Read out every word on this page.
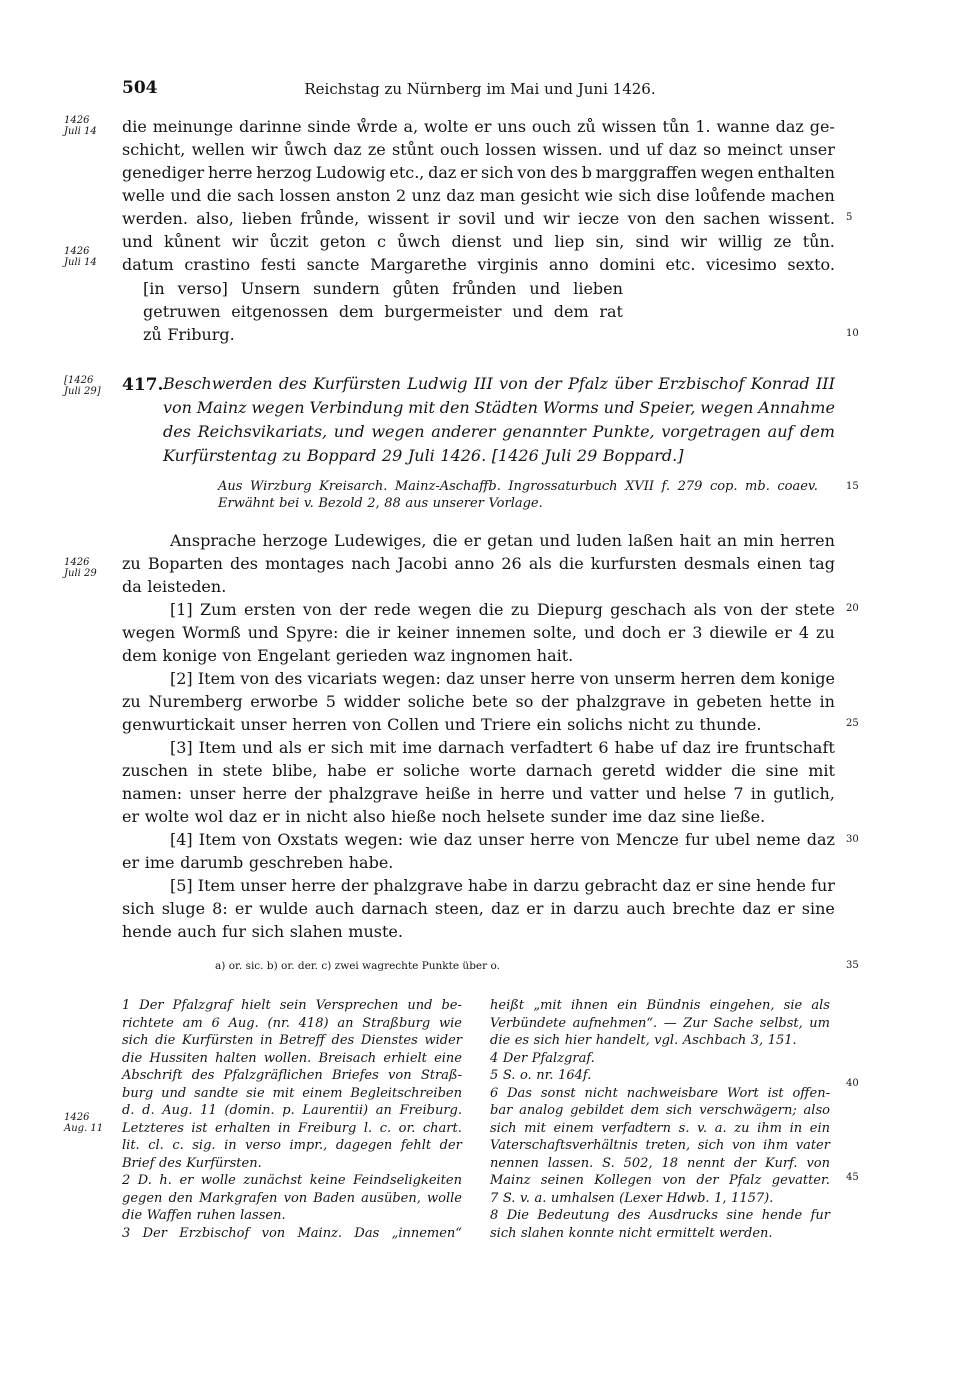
504	Reichstag zu Nürnberg im Mai und Juni 1426.
die meinunge darinne sinde ẘrde a, wolte er uns ouch zů wissen tůn 1. wanne daz ge-
schicht, wellen wir ůwch daz ze stůnt ouch lossen wissen. und uf daz so meinct unser
genediger herre herzog Ludowig etc., daz er sich von des b marggraffen wegen enthalten
welle und die sach lossen anston 2 unz daz man gesicht wie sich dise loůfende machen
werden. also, lieben frůnde, wissent ir sovil und wir iecze von den sachen wissent.
und kůnent wir ůczit geton c ůwch dienst und liep sin, sind wir willig ze tůn.
datum crastino festi sancte Margarethe virginis anno domini etc. vicesimo sexto.
[in verso] Unsern sundern gůten frůnden und lieben
getruwen eitgenossen dem burgermeister und dem rat
zů Friburg.
417. Beschwerden des Kurfürsten Ludwig III von der Pfalz über Erzbischof Konrad III
von Mainz wegen Verbindung mit den Städten Worms und Speier, wegen Annahme
des Reichsvikariats, und wegen anderer genannter Punkte, vorgetragen auf dem
Kurfürstentag zu Boppard 29 Juli 1426. [1426 Juli 29 Boppard.]
Aus Wirzburg Kreisarch. Mainz-Aschaffb. Ingrossaturbuch XVII f. 279 cop. mb. coaev.
Erwähnt bei v. Bezold 2, 88 aus unserer Vorlage.
Ansprache herzoge Ludewiges, die er getan und luden laßen hait an min herren
zu Boparten des montages nach Jacobi anno 26 als die kurfursten desmals einen tag
da leisteden.
[1] Zum ersten von der rede wegen die zu Diepurg geschach als von der stete
wegen Wormß und Spyre: die ir keiner innemen solte, und doch er 3 diewile er 4 zu
dem konige von Engelant gerieden waz ingnomen hait.
[2] Item von des vicariats wegen: daz unser herre von unserm herren dem konige
zu Nuremberg erworbe 5 widder soliche bete so der phalzgrave in gebeten hette in
genwurtickait unser herren von Collen und Triere ein solichs nicht zu thunde.
[3] Item und als er sich mit ime darnach verfadtert 6 habe uf daz ire fruntschaft
zuschen in stete blibe, habe er soliche worte darnach geretd widder die sine mit
namen: unser herre der phalzgrave heiße in herre und vatter und helse 7 in gutlich,
er wolte wol daz er in nicht also hieße noch helsete sunder ime daz sine ließe.
[4] Item von Oxstats wegen: wie daz unser herre von Mencze fur ubel neme daz
er ime darumb geschreben habe.
[5] Item unser herre der phalzgrave habe in darzu gebracht daz er sine hende fur
sich sluge 8: er wulde auch darnach steen, daz er in darzu auch brechte daz er sine
hende auch fur sich slahen muste.
a) or. sic. b) or. der. c) zwei wagrechte Punkte über o.
1 Der Pfalzgraf hielt sein Versprechen und be-
richtete am 6 Aug. (nr. 418) an Straßburg wie
sich die Kurfürsten in Betreff des Dienstes wider
die Hussiten halten wollen. Breisach erhielt eine
Abschrift des Pfalzgräflichen Briefes von Straß-
burg und sandte sie mit einem Begleitschreiben
d. d. Aug. 11 (domin. p. Laurentii) an Freiburg.
Letzteres ist erhalten in Freiburg l. c. or. chart.
lit. cl. c. sig. in verso impr., dagegen fehlt der
Brief des Kurfürsten.
2 D. h. er wolle zunächst keine Feindseligkeiten
gegen den Markgrafen von Baden ausüben, wolle
die Waffen ruhen lassen.
3 Der Erzbischof von Mainz. Das „innemen“
heißt „mit ihnen ein Bündnis eingehen, sie als
Verbündete aufnehmen“. — Zur Sache selbst, um
die es sich hier handelt, vgl. Aschbach 3, 151.
4 Der Pfalzgraf.
5 S. o. nr. 164f.
6 Das sonst nicht nachweisbare Wort ist offen-
bar analog gebildet dem sich verschwägern; also
sich mit einem verfadtern s. v. a. zu ihm in ein
Vaterschaftsverhältnis treten, sich von ihm vater
nennen lassen. S. 502, 18 nennt der Kurf. von
Mainz seinen Kollegen von der Pfalz gevatter.
7 S. v. a. umhalsen (Lexer Hdwb. 1, 1157).
8 Die Bedeutung des Ausdrucks sine hende fur
sich slahen konnte nicht ermittelt werden.
1426
Juli 14
1426
Juli 14
[1426
Juli 29]
1426
Juli 29
1426
Aug. 11
5
10
15
20
25
30
35
40
45
